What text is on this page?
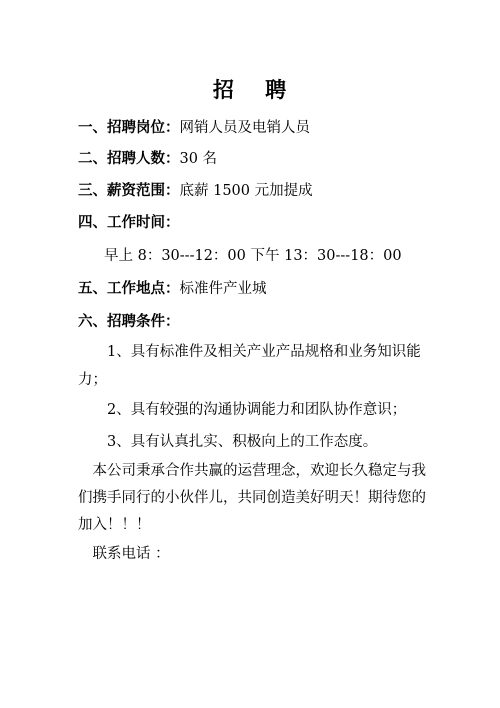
招　 聘
一、招聘岗位：网销人员及电销人员
二、招聘人数：30 名
三、薪资范围：底薪 1500 元加提成
四、工作时间：
早上 8：30---12：00 下午 13：30---18：00
五、工作地点：标准件产业城
六、招聘条件：
　　1、具有标准件及相关产业产品规格和业务知识能力；
　　2、具有较强的沟通协调能力和团队协作意识；
　　3、具有认真扎实、积极向上的工作态度。
　本公司秉承合作共赢的运营理念，欢迎长久稳定与我们携手同行的小伙伴儿，共同创造美好明天！期待您的加入！！！
　联系电话 ：
